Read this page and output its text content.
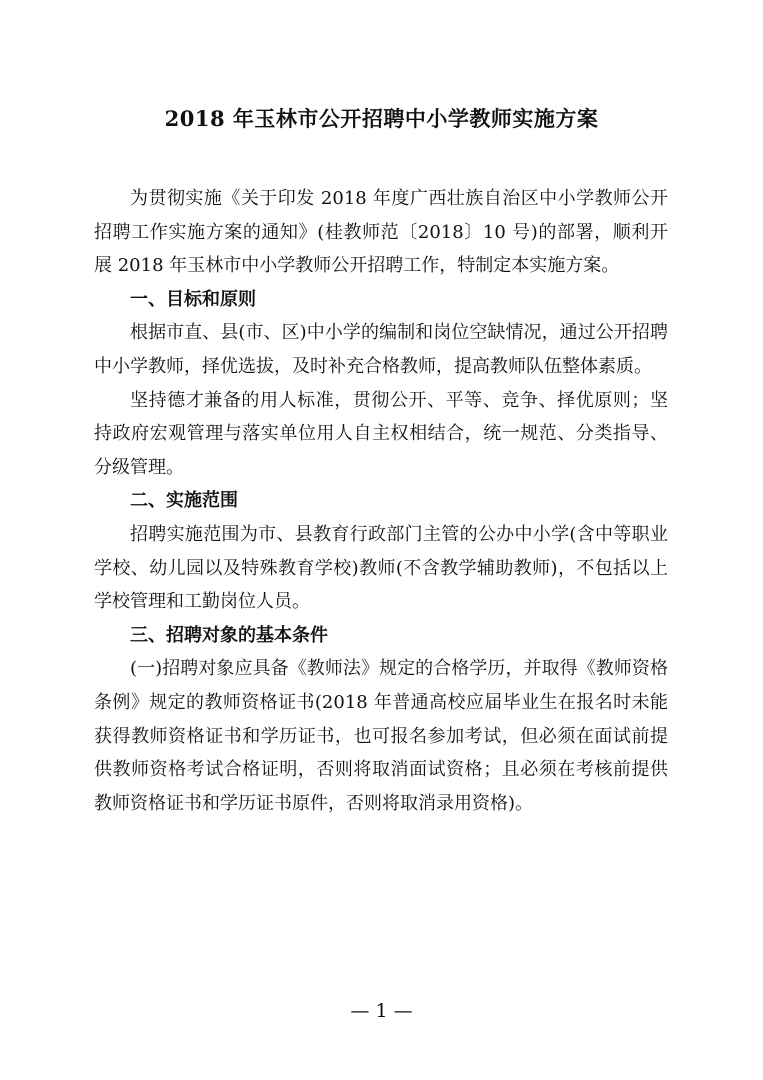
2018 年玉林市公开招聘中小学教师实施方案

为贯彻实施《关于印发 2018 年度广西壮族自治区中小学教师公开招聘工作实施方案的通知》(桂教师范〔2018〕10 号)的部署，顺利开展 2018 年玉林市中小学教师公开招聘工作，特制定本实施方案。

一、目标和原则

根据市直、县(市、区)中小学的编制和岗位空缺情况，通过公开招聘中小学教师，择优选拔，及时补充合格教师，提高教师队伍整体素质。

坚持德才兼备的用人标准，贯彻公开、平等、竞争、择优原则；坚持政府宏观管理与落实单位用人自主权相结合，统一规范、分类指导、分级管理。

二、实施范围

招聘实施范围为市、县教育行政部门主管的公办中小学(含中等职业学校、幼儿园以及特殊教育学校)教师(不含教学辅助教师)，不包括以上学校管理和工勤岗位人员。

三、招聘对象的基本条件

(一)招聘对象应具备《教师法》规定的合格学历，并取得《教师资格条例》规定的教师资格证书(2018 年普通高校应届毕业生在报名时未能获得教师资格证书和学历证书，也可报名参加考试，但必须在面试前提供教师资格考试合格证明，否则将取消面试资格；且必须在考核前提供教师资格证书和学历证书原件，否则将取消录用资格)。

— 1 —
